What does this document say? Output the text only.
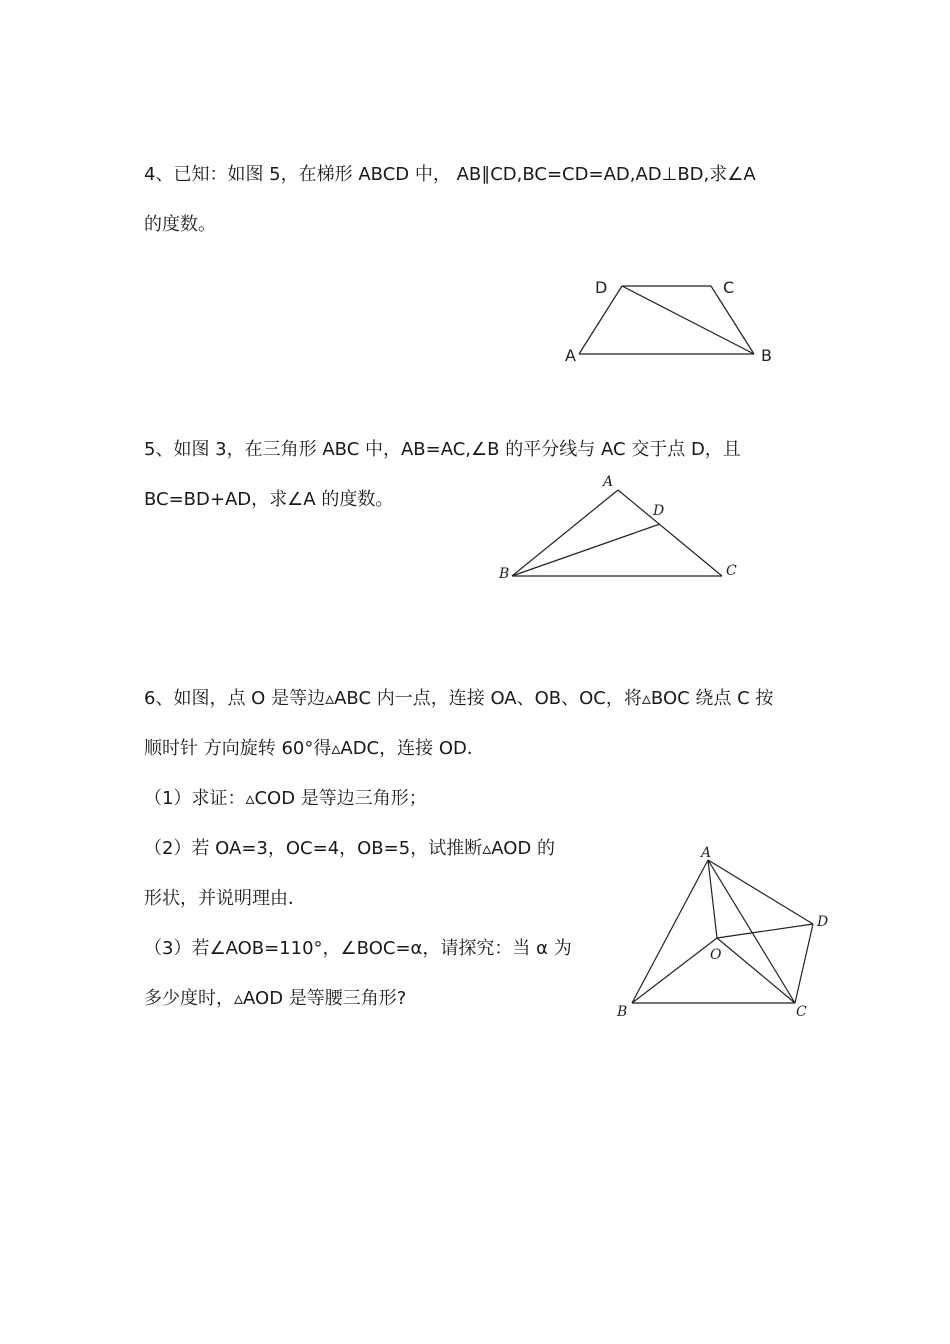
4、已知：如图 5，在梯形 ABCD 中， AB∥CD,BC=CD=AD,AD⊥BD,求∠A
的度数。
D	C
A	B
5、如图 3，在三角形 ABC 中，AB=AC,∠B 的平分线与 AC 交于点 D，且
BC=BD+AD，求∠A 的度数。
A
D
B	C
6、如图，点 O 是等边▵ABC 内一点，连接 OA、OB、OC，将▵BOC 绕点 C 按
顺时针 方向旋转 60°得▵ADC，连接 OD．
（1）求证：▵COD 是等边三角形；
（2）若 OA=3，OC=4，OB=5，试推断▵AOD 的
形状，并说明理由．
（3）若∠AOB=110°，∠BOC=α，请探究：当 α 为
多少度时，▵AOD 是等腰三角形?
A
D
O
B	C
